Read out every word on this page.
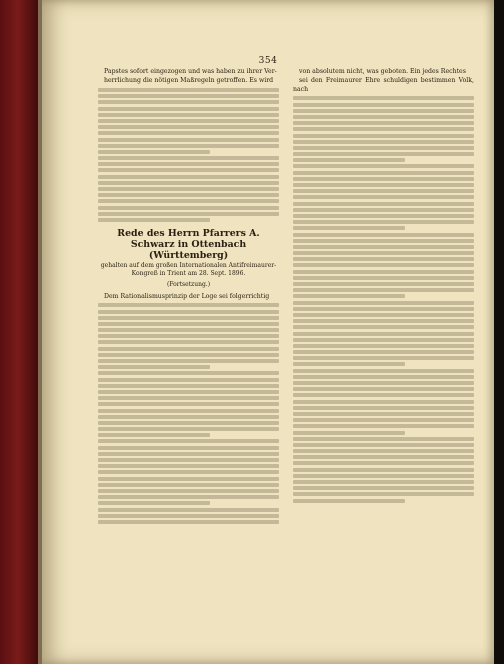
354

Papstes sofort eingezogen und was haben zu ihrer Ver-

herrlichung die nötigen Maßregeln getroffen. Es wird

Rede des Herrn Pfarrers A. Schwarz in Ottenbach (Württemberg)
gehalten auf dem großen Internationalen Antifreimaurer-Kongreß in Trient am 28. Sept. 1896.
(Fortsetzung.)

Dem Rationalismusprinzip der Loge sei folgerrichtig

von absolutem nicht, was geboten. Ein jedes Rechtes

sei den Freimaurer Ehre schuldigen bestimmen Volk, nach
